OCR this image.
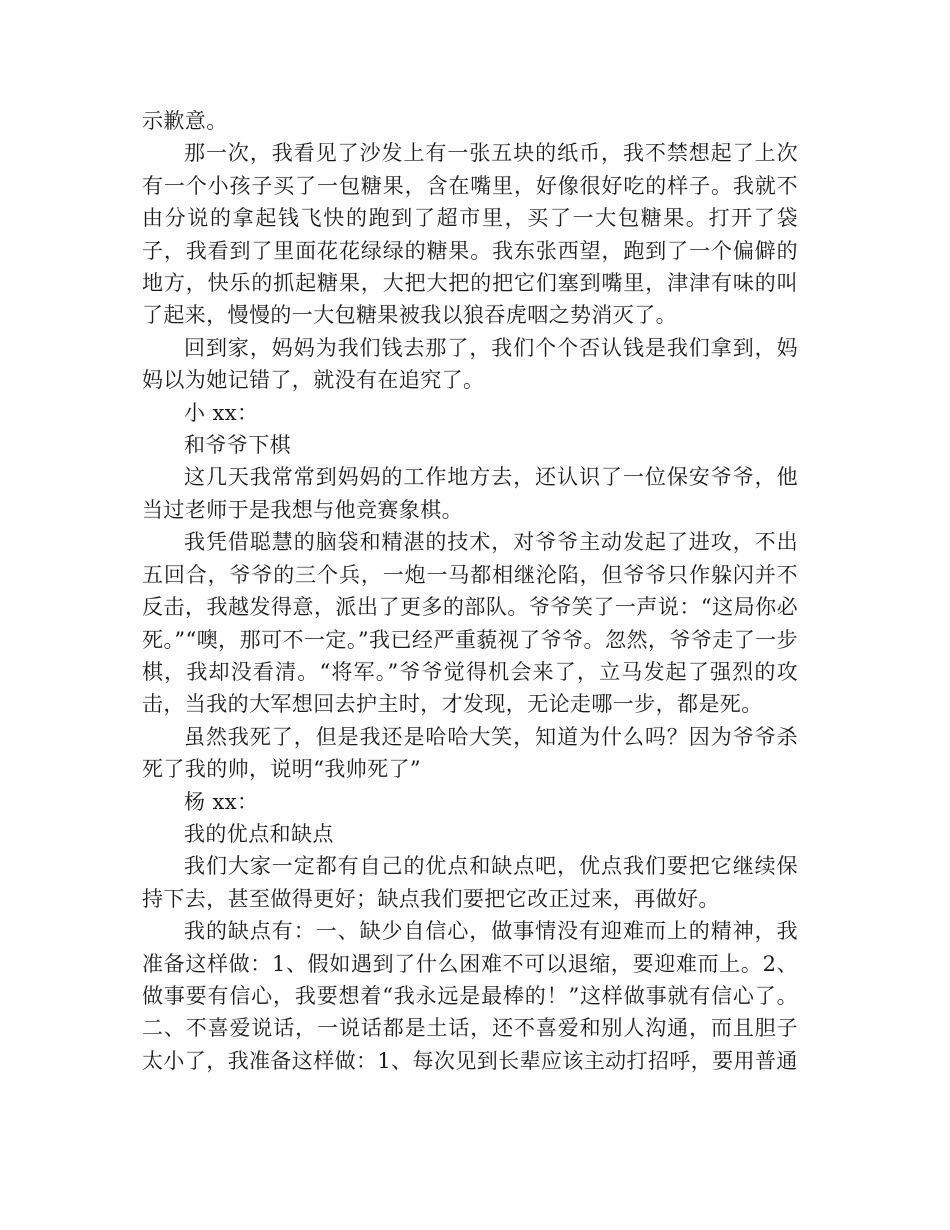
示歉意。

那一次，我看见了沙发上有一张五块的纸币，我不禁想起了上次有一个小孩子买了一包糖果，含在嘴里，好像很好吃的样子。我就不由分说的拿起钱飞快的跑到了超市里，买了一大包糖果。打开了袋子，我看到了里面花花绿绿的糖果。我东张西望，跑到了一个偏僻的地方，快乐的抓起糖果，大把大把的把它们塞到嘴里，津津有味的叫了起来，慢慢的一大包糖果被我以狼吞虎咽之势消灭了。

回到家，妈妈为我们钱去那了，我们个个否认钱是我们拿到，妈妈以为她记错了，就没有在追究了。

小 xx：

和爷爷下棋

这几天我常常到妈妈的工作地方去，还认识了一位保安爷爷，他当过老师于是我想与他竞赛象棋。

我凭借聪慧的脑袋和精湛的技术，对爷爷主动发起了进攻，不出五回合，爷爷的三个兵，一炮一马都相继沦陷，但爷爷只作躲闪并不反击，我越发得意，派出了更多的部队。爷爷笑了一声说：“这局你必死。”“噢，那可不一定。”我已经严重藐视了爷爷。忽然，爷爷走了一步棋，我却没看清。“将军。”爷爷觉得机会来了，立马发起了强烈的攻击，当我的大军想回去护主时，才发现，无论走哪一步，都是死。

虽然我死了，但是我还是哈哈大笑，知道为什么吗？因为爷爷杀死了我的帅，说明“我帅死了”

杨 xx：

我的优点和缺点

我们大家一定都有自己的优点和缺点吧，优点我们要把它继续保持下去，甚至做得更好；缺点我们要把它改正过来，再做好。

我的缺点有：一、缺少自信心，做事情没有迎难而上的精神，我准备这样做：1、假如遇到了什么困难不可以退缩，要迎难而上。2、做事要有信心，我要想着“我永远是最棒的！”这样做事就有信心了。二、不喜爱说话，一说话都是土话，还不喜爱和别人沟通，而且胆子太小了，我准备这样做：1、每次见到长辈应该主动打招呼，要用普通
